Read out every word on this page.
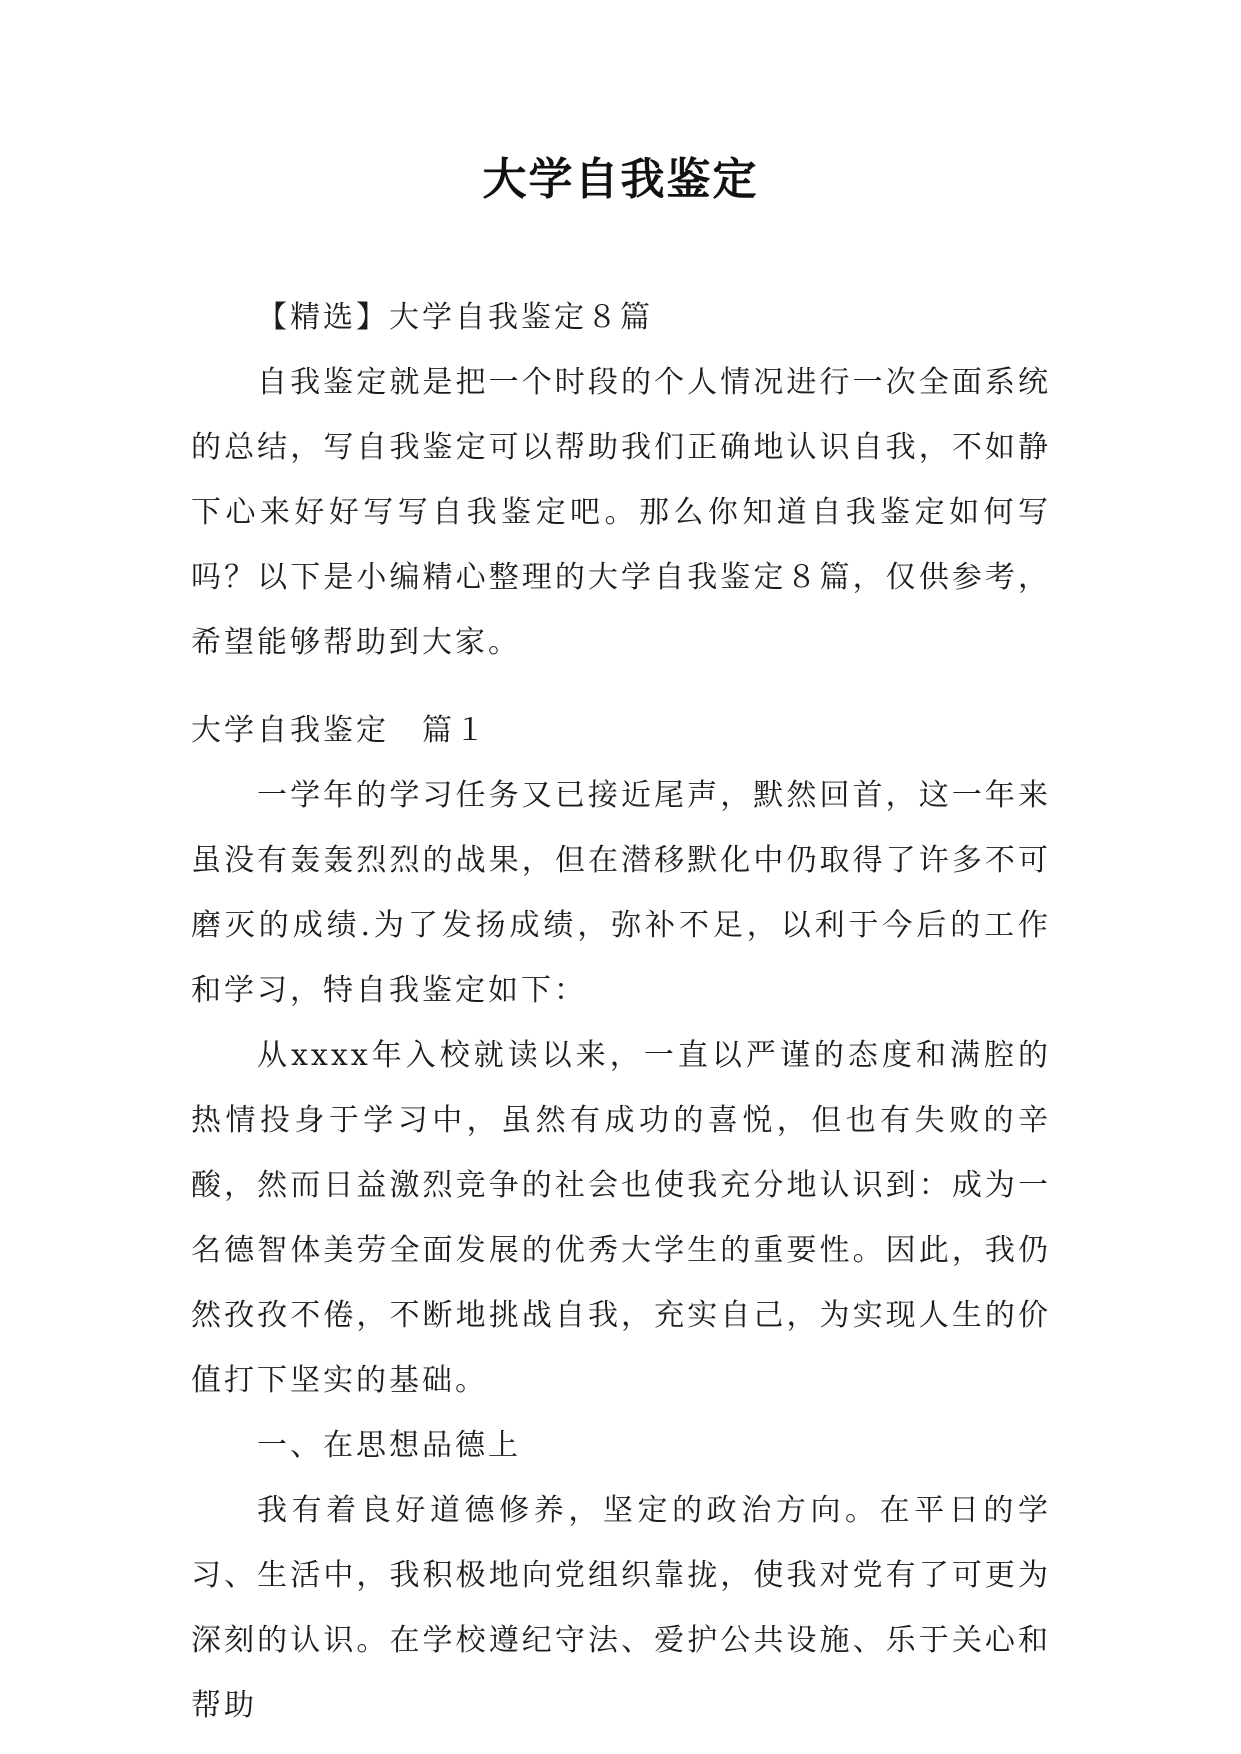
大学自我鉴定

【精选】大学自我鉴定８篇

自我鉴定就是把一个时段的个人情况进行一次全面系统的总结，写自我鉴定可以帮助我们正确地认识自我，不如静下心来好好写写自我鉴定吧。那么你知道自我鉴定如何写吗？以下是小编精心整理的大学自我鉴定８篇，仅供参考，希望能够帮助到大家。

大学自我鉴定　篇１

一学年的学习任务又已接近尾声，默然回首，这一年来虽没有轰轰烈烈的战果，但在潜移默化中仍取得了许多不可磨灭的成绩.为了发扬成绩，弥补不足，以利于今后的工作和学习，特自我鉴定如下：

从xxxx年入校就读以来，一直以严谨的态度和满腔的热情投身于学习中，虽然有成功的喜悦，但也有失败的辛酸，然而日益激烈竞争的社会也使我充分地认识到：成为一名德智体美劳全面发展的优秀大学生的重要性。因此，我仍然孜孜不倦，不断地挑战自我，充实自己，为实现人生的价值打下坚实的基础。

一、在思想品德上

我有着良好道德修养，坚定的政治方向。在平日的学习、生活中，我积极地向党组织靠拢，使我对党有了可更为深刻的认识。在学校遵纪守法、爱护公共设施、乐于关心和帮助
